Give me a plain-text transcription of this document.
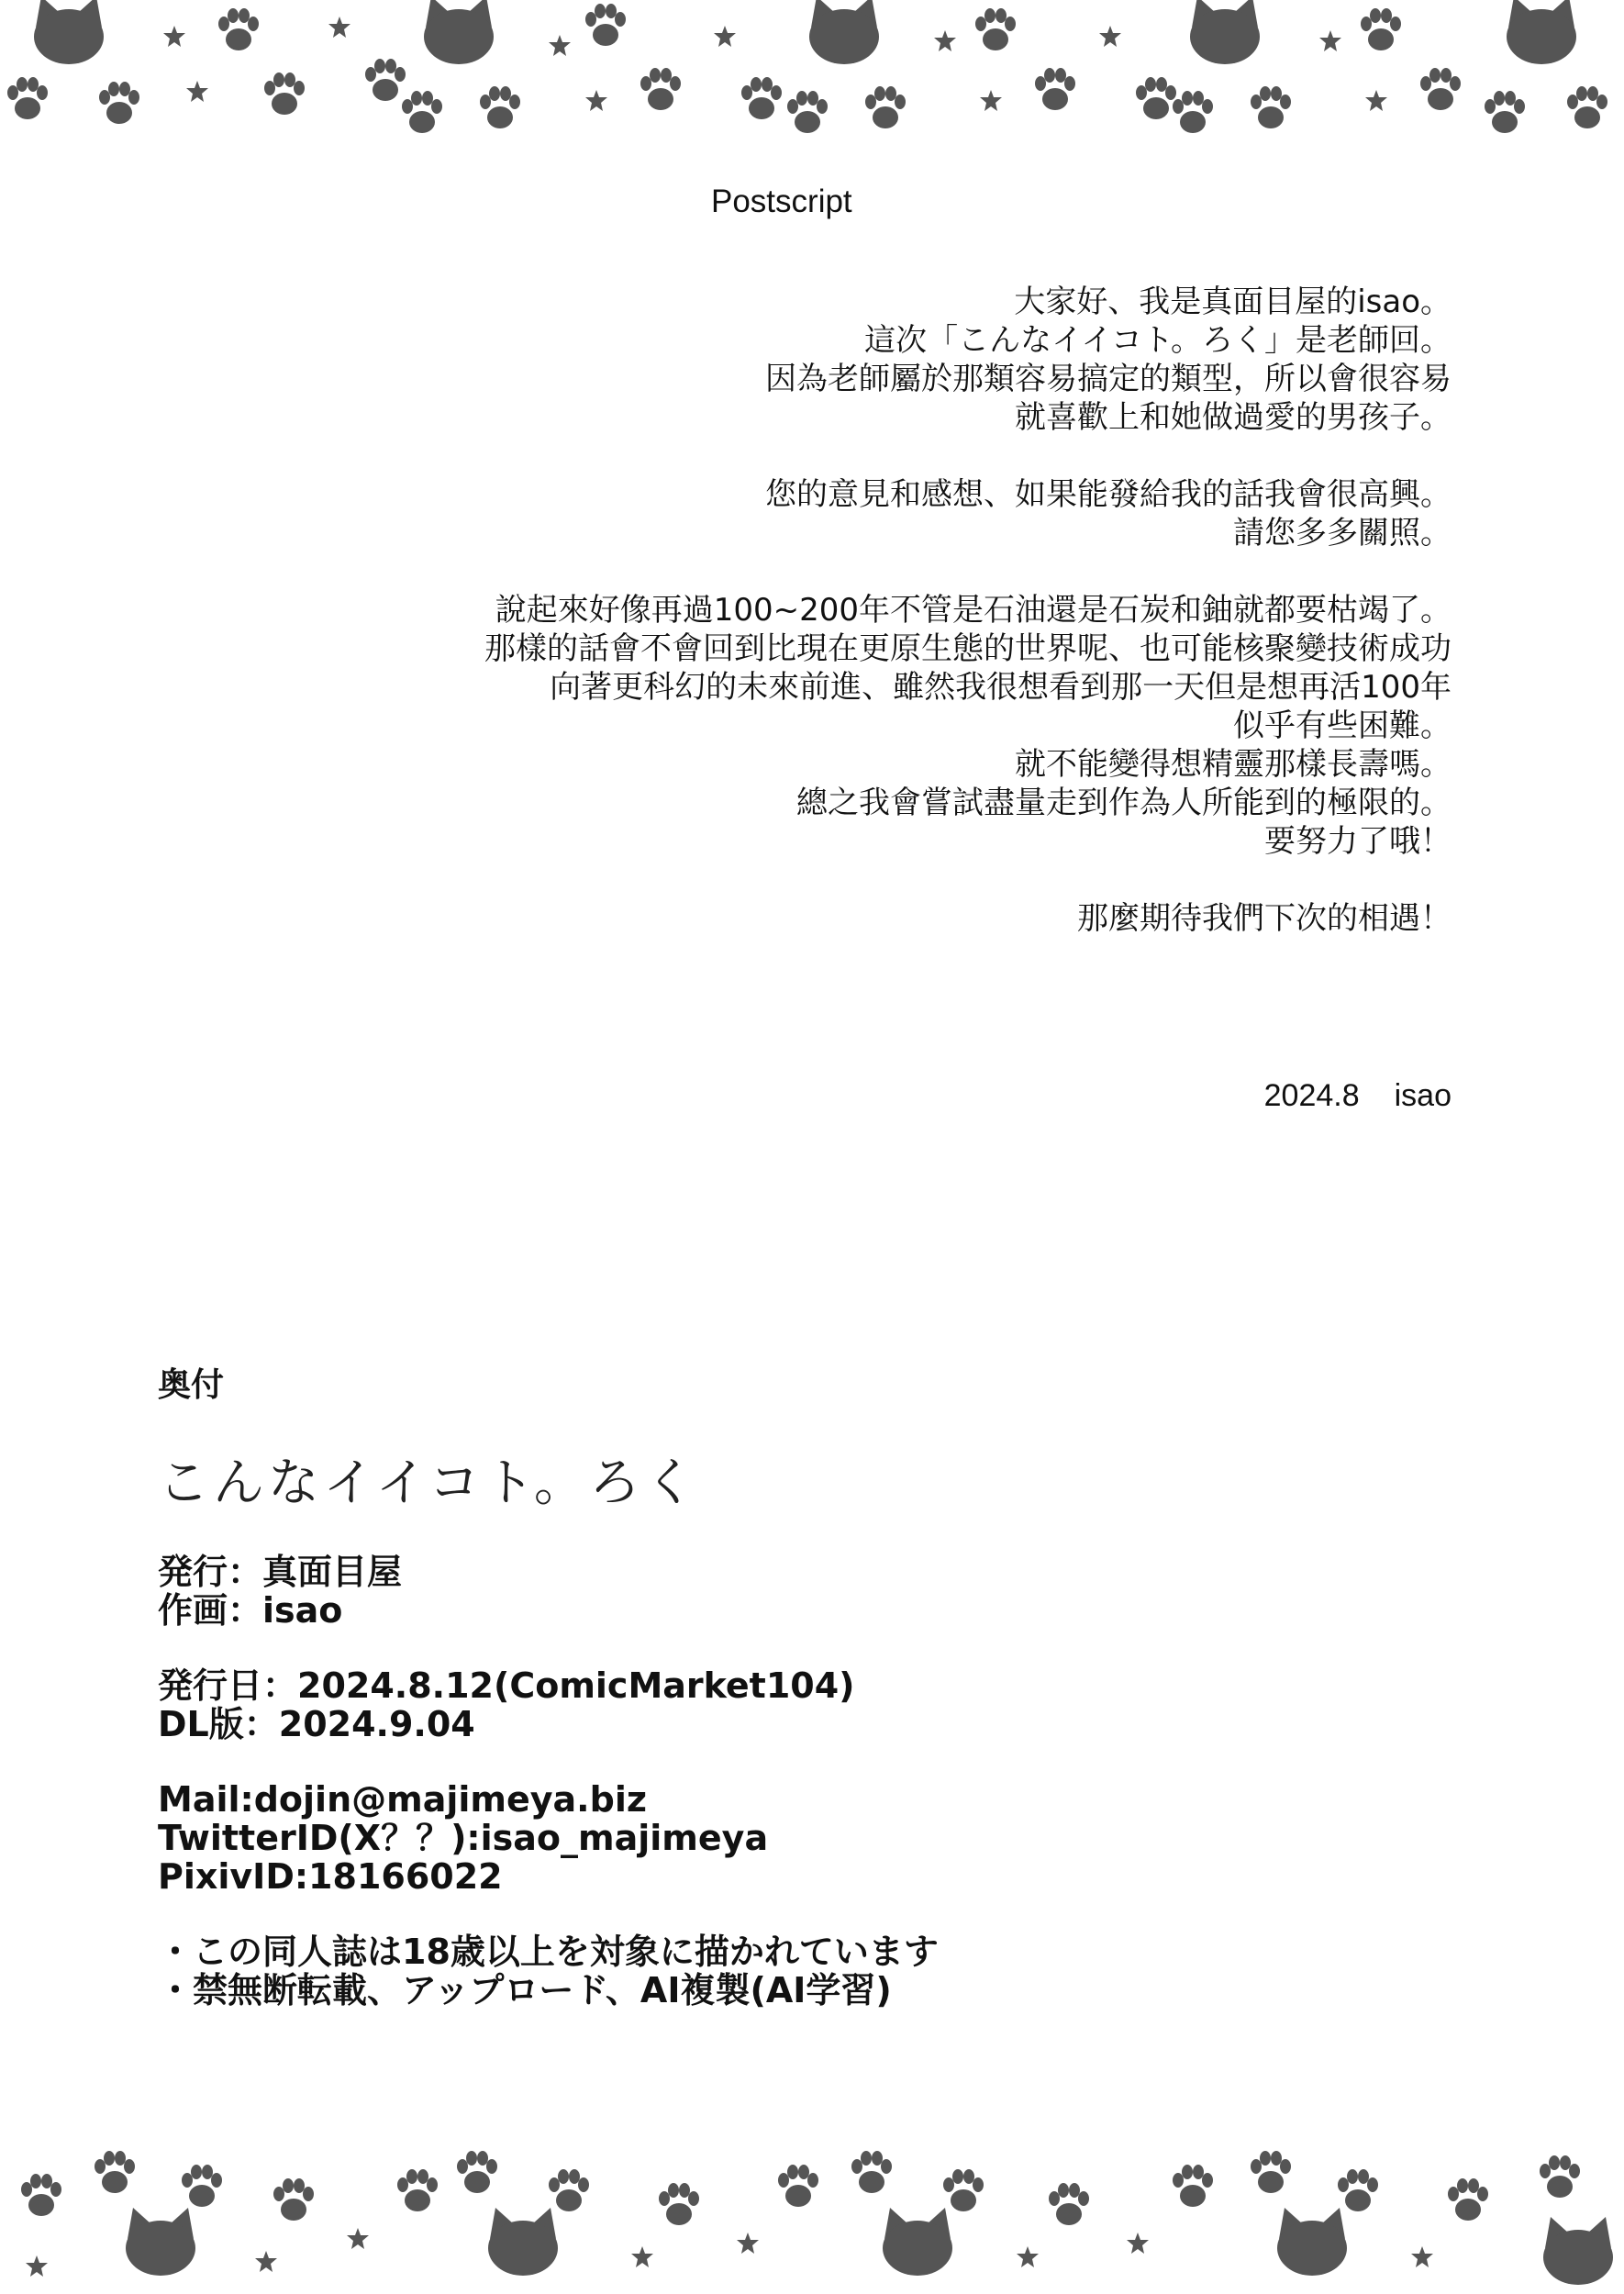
Postscript
大家好、我是真面目屋的isao。
這次「こんなイイコト。ろく」是老師回。
因為老師屬於那類容易搞定的類型，所以會很容易
就喜歡上和她做過愛的男孩子。
您的意見和感想、如果能發給我的話我會很高興。
請您多多關照。
說起來好像再過100~200年不管是石油還是石炭和鈾就都要枯竭了。
那樣的話會不會回到比現在更原生態的世界呢、也可能核聚變技術成功
向著更科幻的未來前進、雖然我很想看到那一天但是想再活100年
似乎有些困難。
就不能變得想精靈那樣長壽嗎。
總之我會嘗試盡量走到作為人所能到的極限的。
要努力了哦！
那麼期待我們下次的相遇！
2024.8 isao
奥付
こんなイイコト。ろく
発行：真面目屋
作画：isao
発行日：2024.8.12(ComicMarket104)
DL版：2024.9.04
Mail:dojin@majimeya.biz
TwitterID(X？？):isao_majimeya
PixivID:18166022
・この同人誌は18歳以上を対象に描かれています
・禁無断転載、アップロード、AI複製(AI学習)
